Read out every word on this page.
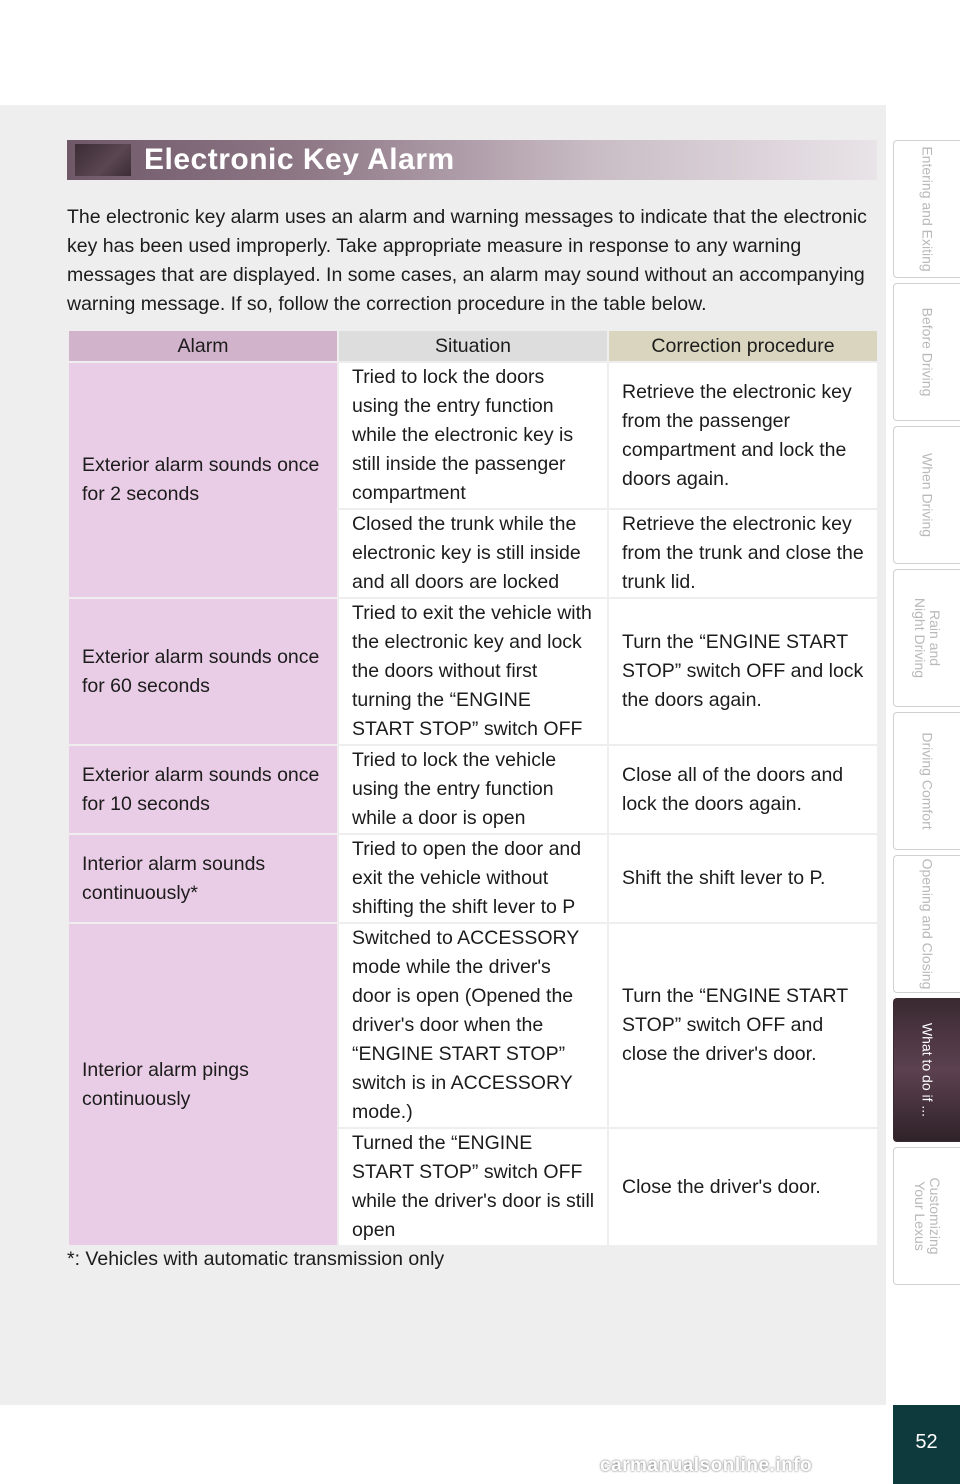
Electronic Key Alarm
The electronic key alarm uses an alarm and warning messages to indicate that the electronic key has been used improperly. Take appropriate measure in response to any warning messages that are displayed. In some cases, an alarm may sound without an accompanying warning message. If so, follow the correction procedure in the table below.
Alarm	Situation	Correction procedure
Exterior alarm sounds once for 2 seconds	Tried to lock the doors using the entry function while the electronic key is still inside the passenger compartment	Retrieve the electronic key from the passenger compartment and lock the doors again.
	Closed the trunk while the electronic key is still inside and all doors are locked	Retrieve the electronic key from the trunk and close the trunk lid.
Exterior alarm sounds once for 60 seconds	Tried to exit the vehicle with the electronic key and lock the doors without first turning the “ENGINE START STOP” switch OFF	Turn the “ENGINE START STOP” switch OFF and lock the doors again.
Exterior alarm sounds once for 10 seconds	Tried to lock the vehicle using the entry function while a door is open	Close all of the doors and lock the doors again.
Interior alarm sounds continuously*	Tried to open the door and exit the vehicle without shifting the shift lever to P	Shift the shift lever to P.
Interior alarm pings continuously	Switched to ACCESSORY mode while the driver's door is open (Opened the driver's door when the “ENGINE START STOP” switch is in ACCESSORY mode.)	Turn the “ENGINE START STOP” switch OFF and close the driver's door.
	Turned the “ENGINE START STOP” switch OFF while the driver's door is still open	Close the driver's door.
*: Vehicles with automatic transmission only
Entering and Exiting
Before Driving
When Driving
Rain and
Night Driving
Driving Comfort
Opening and Closing
What to do if ...
Customizing
Your Lexus
52
carmanualsonline.info
